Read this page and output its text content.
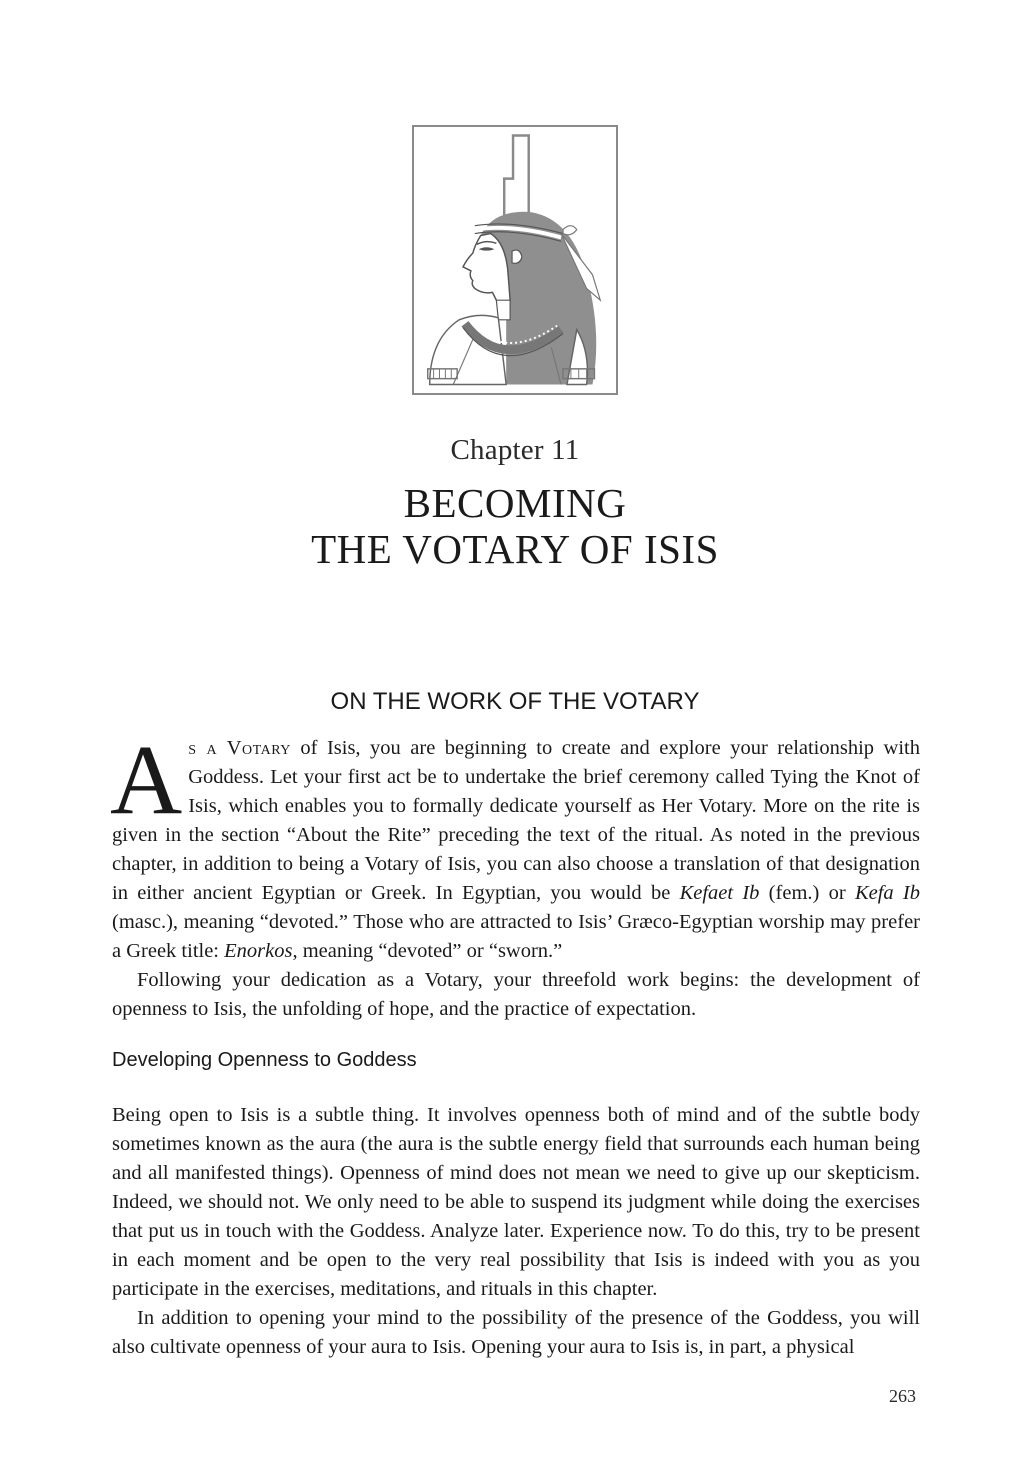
Chapter 11
BECOMING
THE VOTARY OF ISIS
ON THE WORK OF THE VOTARY

As a Votary of Isis, you are beginning to create and explore your relationship with Goddess. Let your first act be to undertake the brief ceremony called Tying the Knot of Isis, which enables you to formally dedicate yourself as Her Votary. More on the rite is given in the section “About the Rite” preceding the text of the ritual. As noted in the previous chapter, in addition to being a Votary of Isis, you can also choose a translation of that designation in either ancient Egyptian or Greek. In Egyptian, you would be Kefaet Ib (fem.) or Kefa Ib (masc.), meaning “devoted.” Those who are attracted to Isis’ Græco-Egyptian worship may prefer a Greek title: Enorkos, meaning “devoted” or “sworn.”

Following your dedication as a Votary, your threefold work begins: the development of openness to Isis, the unfolding of hope, and the practice of expectation.

Developing Openness to Goddess

Being open to Isis is a subtle thing. It involves openness both of mind and of the subtle body sometimes known as the aura (the aura is the subtle energy field that surrounds each human being and all manifested things). Openness of mind does not mean we need to give up our skepticism. Indeed, we should not. We only need to be able to suspend its judgment while doing the exercises that put us in touch with the Goddess. Analyze later. Experience now. To do this, try to be present in each moment and be open to the very real possibility that Isis is indeed with you as you participate in the exercises, meditations, and rituals in this chapter.

In addition to opening your mind to the possibility of the presence of the Goddess, you will also cultivate openness of your aura to Isis. Opening your aura to Isis is, in part, a physical

263
